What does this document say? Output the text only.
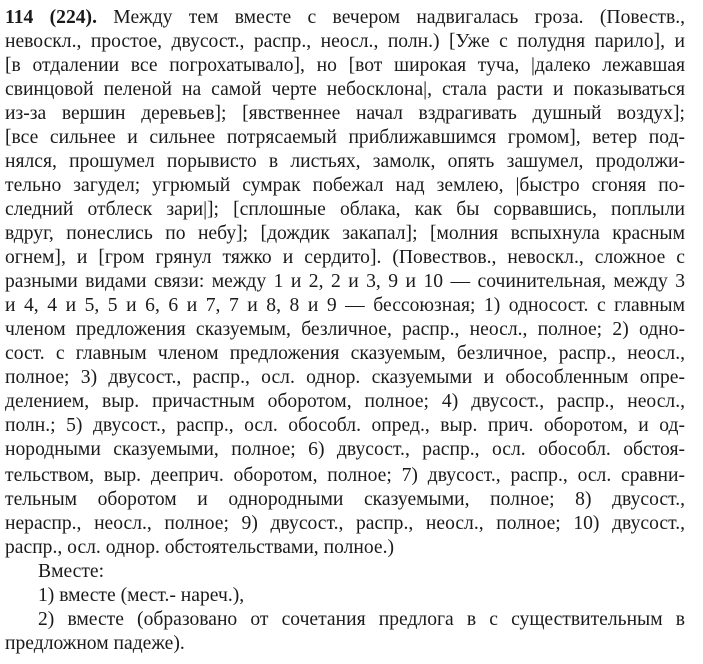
114 (224). Между тем вместе с вечером надвигалась гроза. (Повеств.,
невоскл., простое, двусост., распр., неосл., полн.) [Уже с полудня парило], и
[в отдалении все погрохатывало], но [вот широкая туча, |далеко лежавшая
свинцовой пеленой на самой черте небосклона|, стала расти и показываться
из-за вершин деревьев]; [явственнее начал вздрагивать душный воздух];
[все сильнее и сильнее потрясаемый приближавшимся громом], ветер под-
нялся, прошумел порывисто в листьях, замолк, опять зашумел, продолжи-
тельно загудел; угрюмый сумрак побежал над землею, |быстро сгоняя по-
следний отблеск зари|]; [сплошные облака, как бы сорвавшись, поплыли
вдруг, понеслись по небу]; [дождик закапал]; [молния вспыхнула красным
огнем], и [гром грянул тяжко и сердито]. (Повествов., невоскл., сложное с
разными видами связи: между 1 и 2, 2 и 3, 9 и 10 — сочинительная, между 3
и 4, 4 и 5, 5 и 6, 6 и 7, 7 и 8, 8 и 9 — бессоюзная; 1) односост. с главным
членом предложения сказуемым, безличное, распр., неосл., полное; 2) одно-
сост. с главным членом предложения сказуемым, безличное, распр., неосл.,
полное; 3) двусост., распр., осл. однор. сказуемыми и обособленным опре-
делением, выр. причастным оборотом, полное; 4) двусост., распр., неосл.,
полн.; 5) двусост., распр., осл. обособл. опред., выр. прич. оборотом, и од-
нородными сказуемыми, полное; 6) двусост., распр., осл. обособл. обстоя-
тельством, выр. дееприч. оборотом, полное; 7) двусост., распр., осл. сравни-
тельным оборотом и однородными сказуемыми, полное; 8) двусост.,
нераспр., неосл., полное; 9) двусост., распр., неосл., полное; 10) двусост.,
распр., осл. однор. обстоятельствами, полное.)
Вместе:
1) вместе (мест.- нареч.),
2) вместе (образовано от сочетания предлога в с существительным в
предложном падеже).
